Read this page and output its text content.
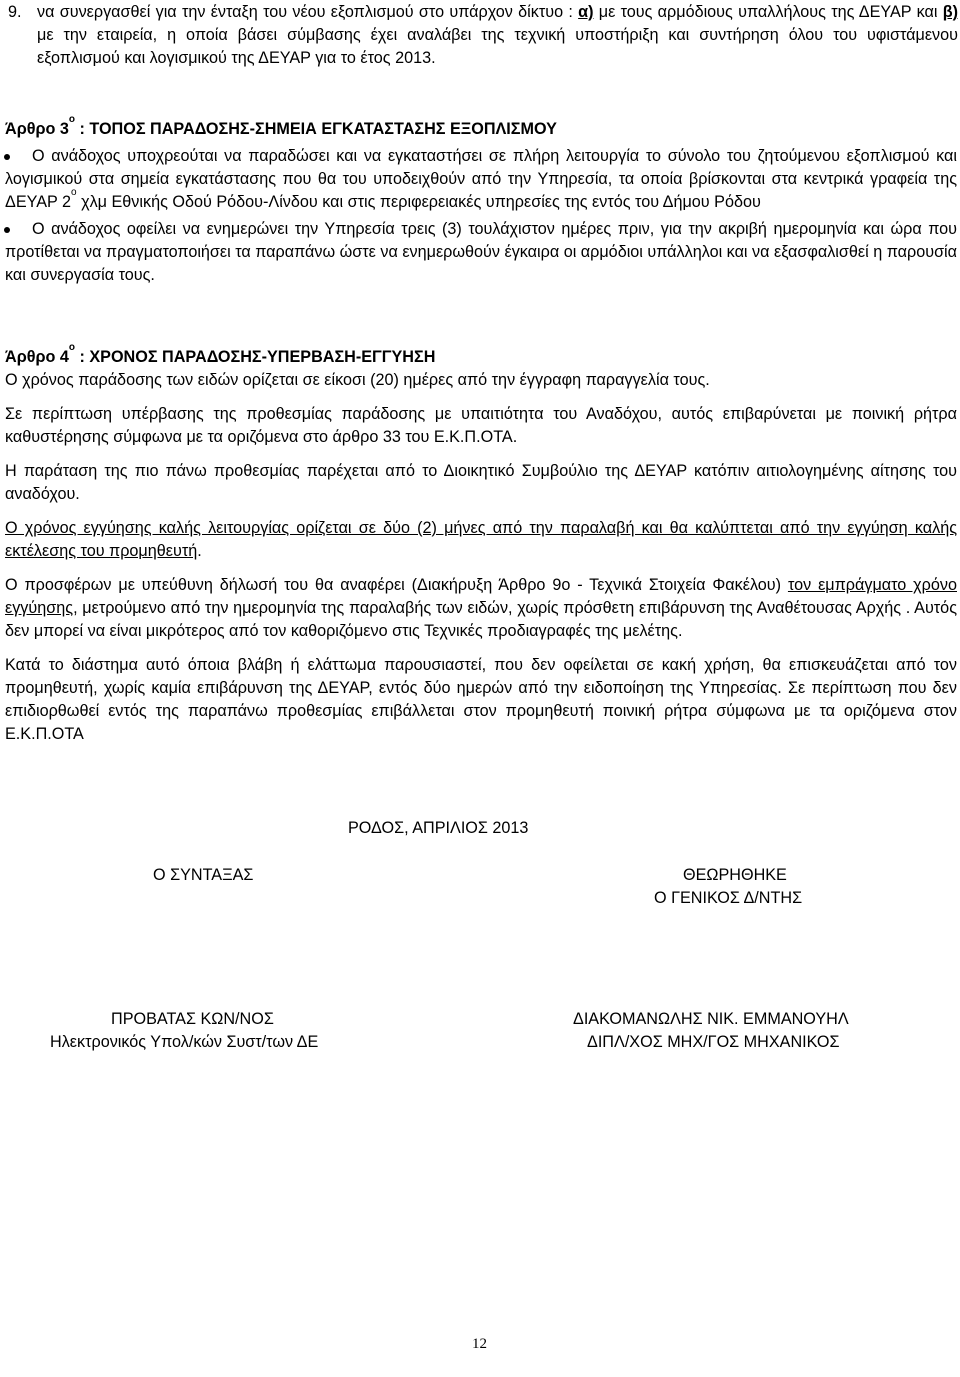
9. να συνεργασθεί για την ένταξη του νέου εξοπλισμού στο υπάρχον δίκτυο : α) με τους αρμόδιους υπαλλήλους της ΔΕΥΑΡ και β) με την εταιρεία, η οποία βάσει σύμβασης έχει αναλάβει της τεχνική υποστήριξη και συντήρηση όλου του υφιστάμενου εξοπλισμού και λογισμικού της ΔΕΥΑΡ για το έτος 2013.
Άρθρο $3^o$ : ΤΟΠΟΣ ΠΑΡΑΔΟΣΗΣ-ΣΗΜΕΙΑ ΕΓΚΑΤΑΣΤΑΣΗΣ ΕΞΟΠΛΙΣΜΟΥ

Ο ανάδοχος υποχρεούται να παραδώσει και να εγκαταστήσει σε πλήρη λειτουργία το σύνολο του ζητούμενου εξοπλισμού και λογισμικού στα σημεία εγκατάστασης που θα του υποδειχθούν από την Υπηρεσία, τα οποία βρίσκονται στα κεντρικά γραφεία της ΔΕΥΑΡ $2^o$ χλμ Εθνικής Οδού Ρόδου-Λίνδου και στις περιφερειακές υπηρεσίες της εντός του Δήμου Ρόδου

Ο ανάδοχος οφείλει να ενημερώνει την Υπηρεσία τρεις (3) τουλάχιστον ημέρες πριν, για την ακριβή ημερομηνία και ώρα που προτίθεται να πραγματοποιήσει τα παραπάνω ώστε να ενημερωθούν έγκαιρα οι αρμόδιοι υπάλληλοι και να εξασφαλισθεί η παρουσία και συνεργασία τους.

Άρθρο $4^o$ : ΧΡΟΝΟΣ ΠΑΡΑΔΟΣΗΣ-ΥΠΕΡΒΑΣΗ-ΕΓΓΥΗΣΗ

Ο χρόνος παράδοσης των ειδών ορίζεται σε είκοσι (20) ημέρες από την έγγραφη παραγγελία τους.

Σε περίπτωση υπέρβασης της προθεσμίας παράδοσης με υπαιτιότητα του Αναδόχου, αυτός επιβαρύνεται με ποινική ρήτρα καθυστέρησης σύμφωνα με τα οριζόμενα στο άρθρο 33 του Ε.Κ.Π.ΟΤΑ.

Η παράταση της πιο πάνω προθεσμίας παρέχεται από το Διοικητικό Συμβούλιο της ΔΕΥΑΡ κατόπιν αιτιολογημένης αίτησης του αναδόχου.

Ο χρόνος εγγύησης καλής λειτουργίας ορίζεται σε δύο (2) μήνες από την παραλαβή και θα καλύπτεται από την εγγύηση καλής εκτέλεσης του προμηθευτή.

Ο προσφέρων με υπεύθυνη δήλωσή του θα αναφέρει (Διακήρυξη Άρθρο 9ο - Τεχνικά Στοιχεία Φακέλου) τον εμπράγματο χρόνο εγγύησης, μετρούμενο από την ημερομηνία της παραλαβής των ειδών, χωρίς πρόσθετη επιβάρυνση της Αναθέτουσας Αρχής . Αυτός δεν μπορεί να είναι μικρότερος από τον καθοριζόμενο στις Τεχνικές προδιαγραφές της μελέτης.

Κατά το διάστημα αυτό όποια βλάβη ή ελάττωμα παρουσιαστεί, που δεν οφείλεται σε κακή χρήση, θα επισκευάζεται από τον προμηθευτή, χωρίς καμία επιβάρυνση της ΔΕΥΑΡ, εντός δύο ημερών από την ειδοποίηση της Υπηρεσίας. Σε περίπτωση που δεν επιδιορθωθεί εντός της παραπάνω προθεσμίας επιβάλλεται στον προμηθευτή ποινική ρήτρα σύμφωνα με τα οριζόμενα στον Ε.Κ.Π.ΟΤΑ

ΡΟΔΟΣ, ΑΠΡΙΛΙΟΣ 2013
Ο ΣΥΝΤΑΞΑΣ	ΘΕΩΡΗΘΗΚΕ
Ο ΓΕΝΙΚΟΣ Δ/ΝΤΗΣ
ΠΡΟΒΑΤΑΣ ΚΩΝ/ΝΟΣ
Ηλεκτρονικός Υπολ/κών Συστ/των ΔΕ
ΔΙΑΚΟΜΑΝΩΛΗΣ ΝΙΚ. ΕΜΜΑΝΟΥΗΛ
ΔΙΠΛ/ΧΟΣ ΜΗΧ/ΓΟΣ ΜΗΧΑΝΙΚΟΣ
12
